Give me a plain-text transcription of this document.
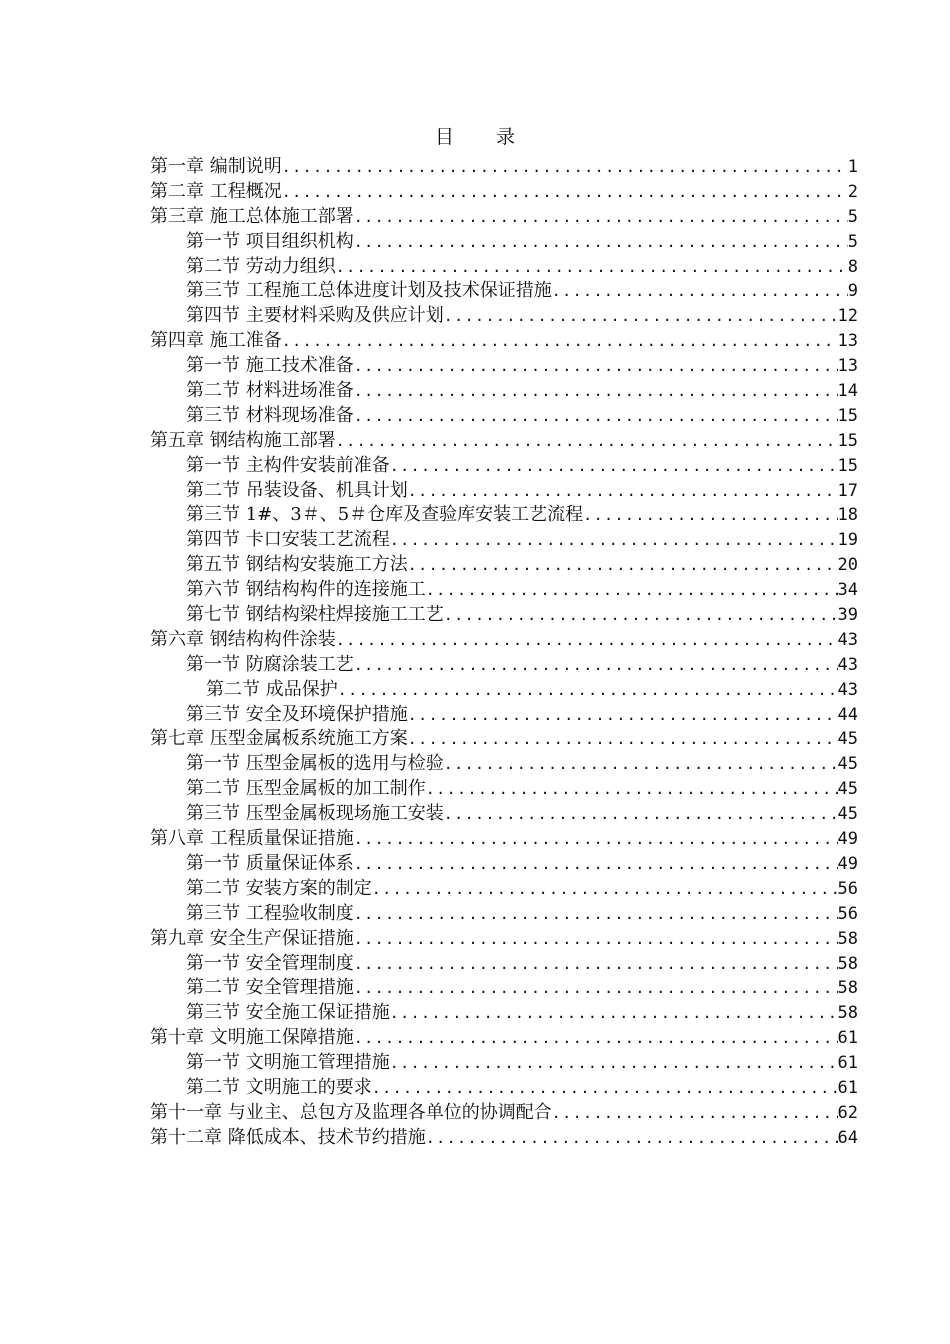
目 录
第一章 编制说明 .....	1
第二章 工程概况 .....	2
第三章 施工总体施工部署 .....	5
第一节 项目组织机构 .....	5
第二节 劳动力组织 .....	8
第三节 工程施工总体进度计划及技术保证措施 .....	9
第四节 主要材料采购及供应计划 .....	12
第四章 施工准备 .....	13
第一节 施工技术准备 .....	13
第二节 材料进场准备 .....	14
第三节 材料现场准备 .....	15
第五章 钢结构施工部署 .....	15
第一节 主构件安装前准备 .....	15
第二节 吊装设备、机具计划 .....	17
第三节 1#、3＃、5＃仓库及查验库安装工艺流程 .....	18
第四节 卡口安装工艺流程 .....	19
第五节 钢结构安装施工方法 .....	20
第六节 钢结构构件的连接施工 .....	34
第七节 钢结构梁柱焊接施工工艺 .....	39
第六章 钢结构构件涂装 .....	43
第一节 防腐涂装工艺 .....	43
第二节 成品保护 .....	43
第三节 安全及环境保护措施 .....	44
第七章 压型金属板系统施工方案 .....	45
第一节 压型金属板的选用与检验 .....	45
第二节 压型金属板的加工制作 .....	45
第三节 压型金属板现场施工安装 .....	45
第八章 工程质量保证措施 .....	49
第一节 质量保证体系 .....	49
第二节 安装方案的制定 .....	56
第三节 工程验收制度 .....	56
第九章 安全生产保证措施 .....	58
第一节 安全管理制度 .....	58
第二节 安全管理措施 .....	58
第三节 安全施工保证措施 .....	58
第十章 文明施工保障措施 .....	61
第一节 文明施工管理措施 .....	61
第二节 文明施工的要求 .....	61
第十一章 与业主、总包方及监理各单位的协调配合 .....	62
第十二章 降低成本、技术节约措施 .....	64
